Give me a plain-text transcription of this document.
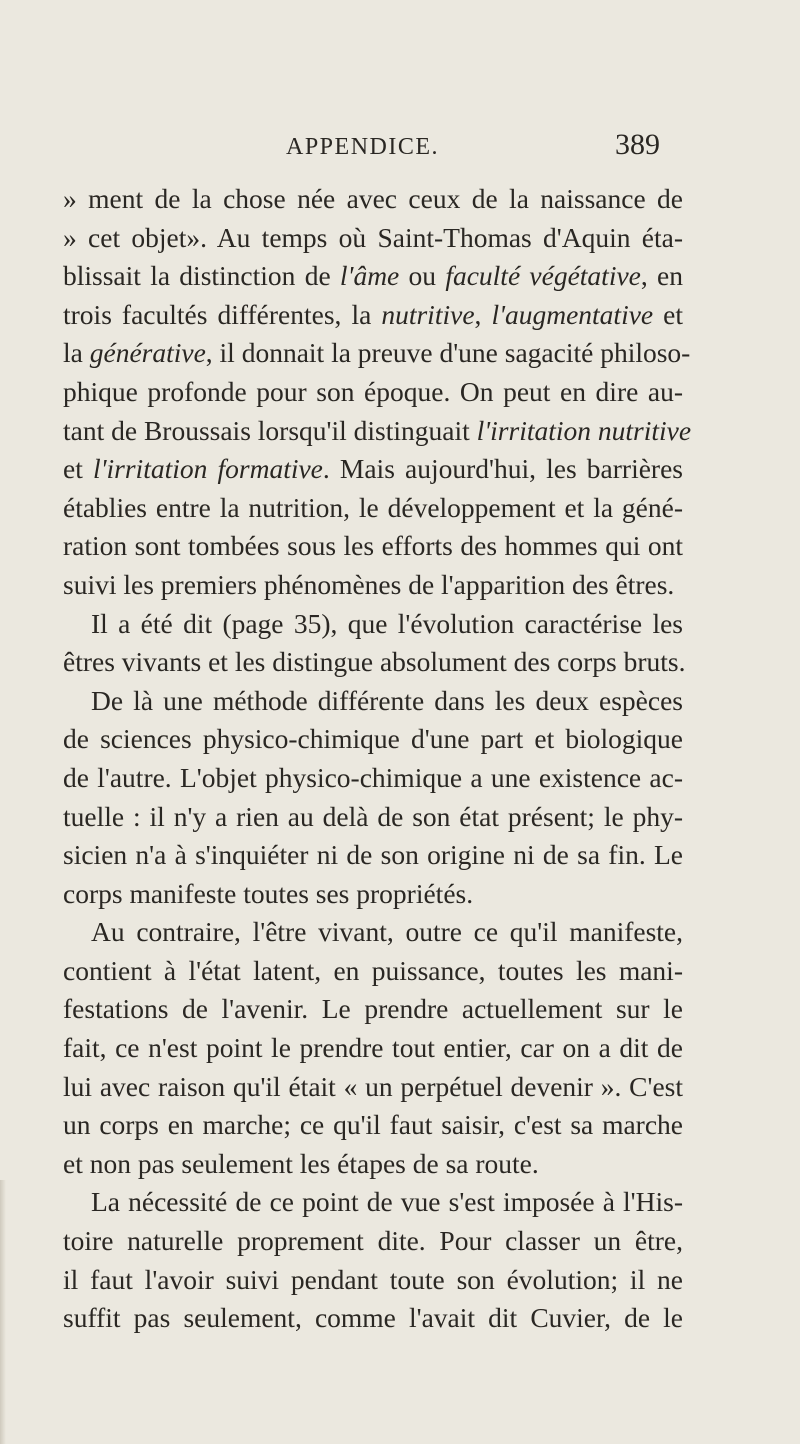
APPENDICE.	389
» ment de la chose née avec ceux de la naissance de
» cet objet». Au temps où Saint-Thomas d'Aquin éta-
blissait la distinction de l'âme ou faculté végétative, en
trois facultés différentes, la nutritive, l'augmentative et
la générative, il donnait la preuve d'une sagacité philoso-
phique profonde pour son époque. On peut en dire au-
tant de Broussais lorsqu'il distinguait l'irritation nutritive
et l'irritation formative. Mais aujourd'hui, les barrières
établies entre la nutrition, le développement et la géné-
ration sont tombées sous les efforts des hommes qui ont
suivi les premiers phénomènes de l'apparition des êtres.
Il a été dit (page 35), que l'évolution caractérise les
êtres vivants et les distingue absolument des corps bruts.
De là une méthode différente dans les deux espèces
de sciences physico-chimique d'une part et biologique
de l'autre. L'objet physico-chimique a une existence ac-
tuelle : il n'y a rien au delà de son état présent; le phy-
sicien n'a à s'inquiéter ni de son origine ni de sa fin. Le
corps manifeste toutes ses propriétés.
Au contraire, l'être vivant, outre ce qu'il manifeste,
contient à l'état latent, en puissance, toutes les mani-
festations de l'avenir. Le prendre actuellement sur le
fait, ce n'est point le prendre tout entier, car on a dit de
lui avec raison qu'il était « un perpétuel devenir ». C'est
un corps en marche; ce qu'il faut saisir, c'est sa marche
et non pas seulement les étapes de sa route.
La nécessité de ce point de vue s'est imposée à l'His-
toire naturelle proprement dite. Pour classer un être,
il faut l'avoir suivi pendant toute son évolution; il ne
suffit pas seulement, comme l'avait dit Cuvier, de le
